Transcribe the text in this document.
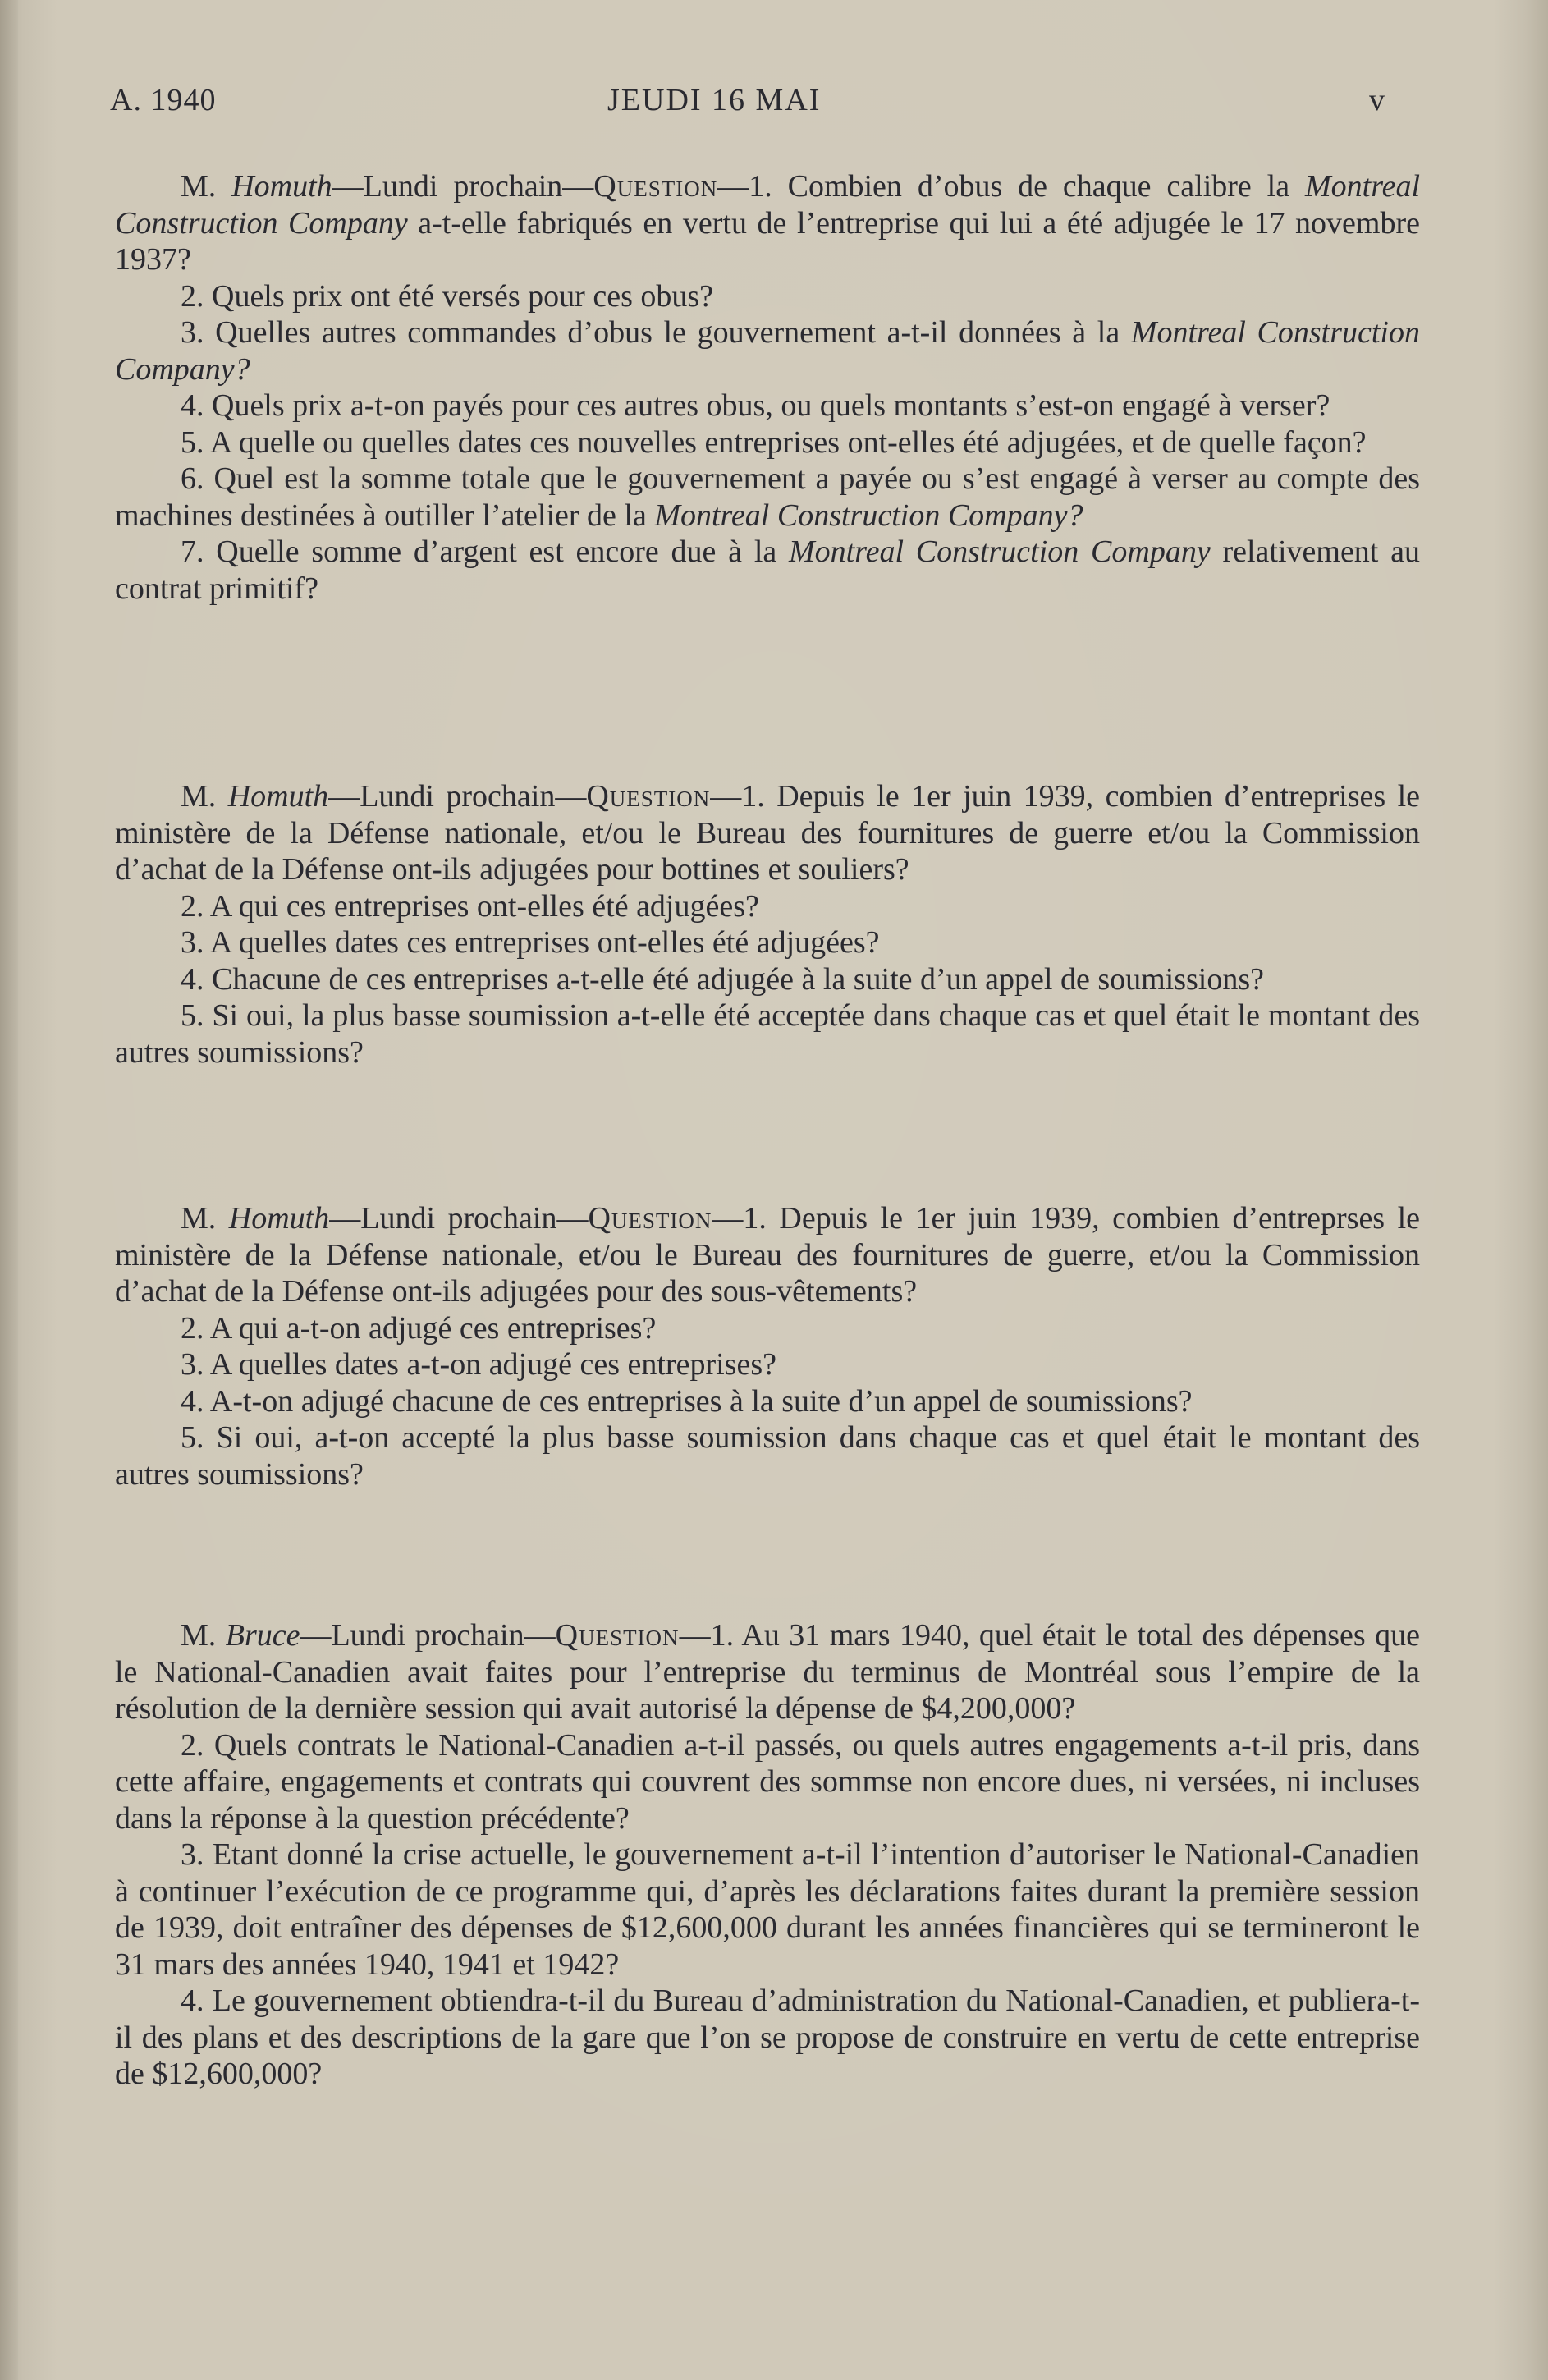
A. 1940	JEUDI 16 MAI	v

M. Homuth—Lundi prochain—Question—1. Combien d’obus de chaque calibre la Montreal Construction Company a-t-elle fabriqués en vertu de l’entreprise qui lui a été adjugée le 17 novembre 1937?

2. Quels prix ont été versés pour ces obus?

3. Quelles autres commandes d’obus le gouvernement a-t-il données à la Montreal Construction Company?

4. Quels prix a-t-on payés pour ces autres obus, ou quels montants s’est-on engagé à verser?

5. A quelle ou quelles dates ces nouvelles entreprises ont-elles été adjugées, et de quelle façon?

6. Quel est la somme totale que le gouvernement a payée ou s’est engagé à verser au compte des machines destinées à outiller l’atelier de la Montreal Construction Company?

7. Quelle somme d’argent est encore due à la Montreal Construction Company relativement au contrat primitif?

M. Homuth—Lundi prochain—Question—1. Depuis le 1er juin 1939, combien d’entreprises le ministère de la Défense nationale, et/ou le Bureau des fournitures de guerre et/ou la Commission d’achat de la Défense ont-ils adjugées pour bottines et souliers?

2. A qui ces entreprises ont-elles été adjugées?

3. A quelles dates ces entreprises ont-elles été adjugées?

4. Chacune de ces entreprises a-t-elle été adjugée à la suite d’un appel de soumissions?

5. Si oui, la plus basse soumission a-t-elle été acceptée dans chaque cas et quel était le montant des autres soumissions?

M. Homuth—Lundi prochain—Question—1. Depuis le 1er juin 1939, combien d’entreprses le ministère de la Défense nationale, et/ou le Bureau des fournitures de guerre, et/ou la Commission d’achat de la Défense ont-ils adjugées pour des sous-vêtements?

2. A qui a-t-on adjugé ces entreprises?

3. A quelles dates a-t-on adjugé ces entreprises?

4. A-t-on adjugé chacune de ces entreprises à la suite d’un appel de soumissions?

5. Si oui, a-t-on accepté la plus basse soumission dans chaque cas et quel était le montant des autres soumissions?

M. Bruce—Lundi prochain—Question—1. Au 31 mars 1940, quel était le total des dépenses que le National-Canadien avait faites pour l’entreprise du terminus de Montréal sous l’empire de la résolution de la dernière session qui avait autorisé la dépense de $4,200,000?

2. Quels contrats le National-Canadien a-t-il passés, ou quels autres engagements a-t-il pris, dans cette affaire, engagements et contrats qui couvrent des sommse non encore dues, ni versées, ni incluses dans la réponse à la question précédente?

3. Etant donné la crise actuelle, le gouvernement a-t-il l’intention d’autoriser le National-Canadien à continuer l’exécution de ce programme qui, d’après les déclarations faites durant la première session de 1939, doit entraîner des dépenses de $12,600,000 durant les années financières qui se termineront le 31 mars des années 1940, 1941 et 1942?

4. Le gouvernement obtiendra-t-il du Bureau d’administration du National-Canadien, et publiera-t-il des plans et des descriptions de la gare que l’on se propose de construire en vertu de cette entreprise de $12,600,000?
